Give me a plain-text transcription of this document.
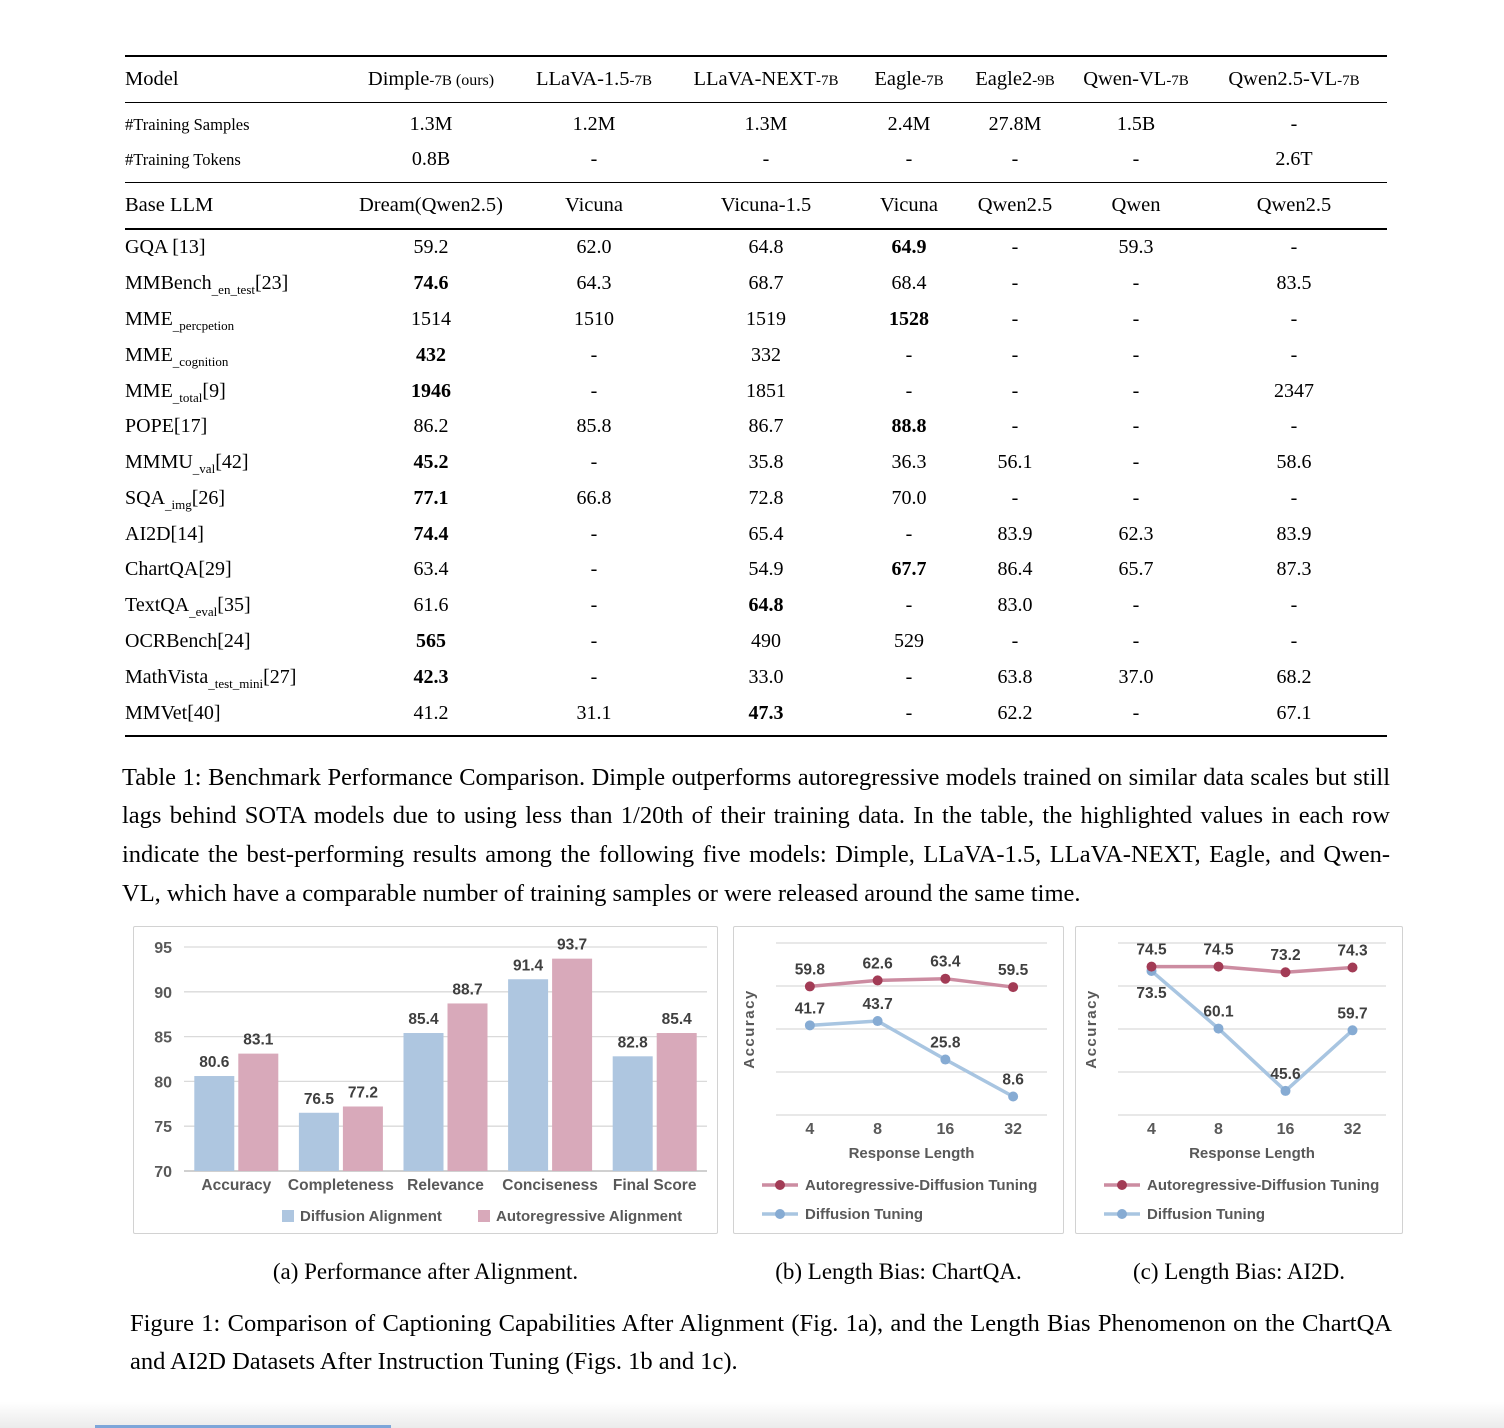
Model	Dimple-7B (ours)	LLaVA-1.5-7B	LLaVA-NEXT-7B	Eagle-7B	Eagle2-9B	Qwen-VL-7B	Qwen2.5-VL-7B
#Training Samples	1.3M	1.2M	1.3M	2.4M	27.8M	1.5B	-
#Training Tokens	0.8B	-	-	-	-	-	2.6T
Base LLM	Dream(Qwen2.5)	Vicuna	Vicuna-1.5	Vicuna	Qwen2.5	Qwen	Qwen2.5
GQA [13]	59.2	62.0	64.8	64.9	-	59.3	-
MMBench$_{\_en\_test}$[23]	74.6	64.3	68.7	68.4	-	-	83.5
$MME_{\_percpetion}$	1514	1510	1519	1528	-	-	-
$MME_{\_cognition}$	432	-	332	-	-	-	-
$MME_{\_total}[9]$	1946	-	1851	-	-	-	2347
POPE[17]	86.2	85.8	86.7	88.8	-	-	-
$MMMU_{\_val}[42]$	45.2	-	35.8	36.3	56.1	-	58.6
$SQA_{\_img}[26]$	77.1	66.8	72.8	70.0	-	-	-
AI2D[14]	74.4	-	65.4	-	83.9	62.3	83.9
ChartQA[29]	63.4	-	54.9	67.7	86.4	65.7	87.3
TextQA$_{\_eval}$[35]	61.6	-	64.8	-	83.0	-	-
OCRBench[24]	565	-	490	529	-	-	-
MathVista$_{\_test\_mini}$[27]	42.3	-	33.0	-	63.8	37.0	68.2
MMVet[40]	41.2	31.1	47.3	-	62.2	-	67.1

Table 1: Benchmark Performance Comparison. Dimple outperforms autoregressive models trained on similar data scales but still lags behind SOTA models due to using less than 1/20th of their training data. In the table, the highlighted values in each row indicate the best-performing results among the following five models: Dimple, LLaVA-1.5, LLaVA-NEXT, Eagle, and Qwen-VL, which have a comparable number of training samples or were released around the same time.

70
75
80
85
90
95
Accuracy
80.6
83.1
Completeness
76.5 77.2
Relevance
85.4
88.7
Conciseness
91.4
93.7
Final Score
82.8
85.4
Diffusion Alignment	Autoregressive Alignment
59.8 62.6 63.4 59.5
41.7 43.7
25.8
8.6
4	8	16	32
Response Length
Accuracy
Autoregressive-Diffusion Tuning
Diffusion Tuning
74.5 74.5 73.2 74.3
73.5
60.1
45.6
59.7
4	8	16	32
Response Length
Accuracy
Autoregressive-Diffusion Tuning
Diffusion Tuning
(a) Performance after Alignment.	(b) Length Bias: ChartQA.	(c) Length Bias: AI2D.

Figure 1: Comparison of Captioning Capabilities After Alignment (Fig. 1a), and the Length Bias Phenomenon on the ChartQA and AI2D Datasets After Instruction Tuning (Figs. 1b and 1c).
